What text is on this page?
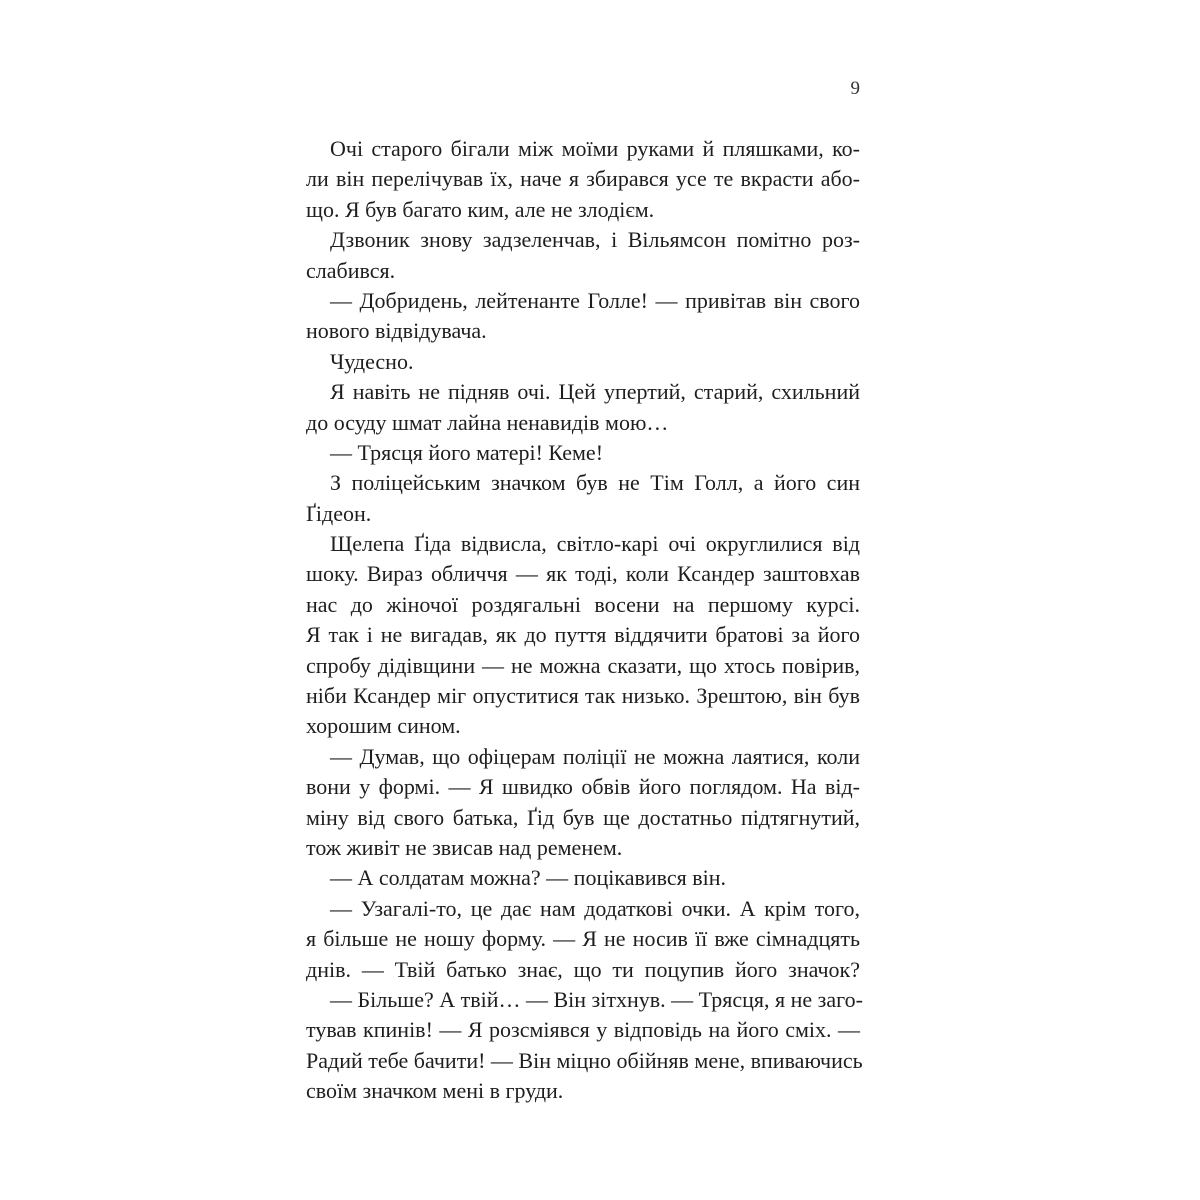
9
Очі старого бігали між моїми руками й пляшками, ко-
ли він перелічував їх, наче я збирався усе те вкрасти або-
що. Я був багато ким, але не злодієм.
Дзвоник знову задзеленчав, і Вільямсон помітно роз-
слабився.
— Добридень, лейтенанте Голле! — привітав він свого
нового відвідувача.
Чудесно.
Я навіть не підняв очі. Цей упертий, старий, схильний
до осуду шмат лайна ненавидів мою…
— Трясця його матері! Кеме!
З поліцейським значком був не Тім Голл, а його син
Ґідеон.
Щелепа Ґіда відвисла, світло-карі очі округлилися від
шоку. Вираз обличчя — як тоді, коли Ксандер заштовхав
нас до жіночої роздягальні восени на першому курсі.
Я так і не вигадав, як до пуття віддячити братові за його
спробу дідівщини — не можна сказати, що хтось повірив,
ніби Ксандер міг опуститися так низько. Зрештою, він був
хорошим сином.
— Думав, що офіцерам поліції не можна лаятися, коли
вони у формі. — Я швидко обвів його поглядом. На від-
міну від свого батька, Ґід був ще достатньо підтягнутий,
тож живіт не звисав над ременем.
— А солдатам можна? — поцікавився він.
— Узагалі-то, це дає нам додаткові очки. А крім того,
я більше не ношу форму. — Я не носив її вже сімнадцять
днів. — Твій батько знає, що ти поцупив його значок?
— Більше? А твій… — Він зітхнув. — Трясця, я не заго-
тував кпинів! — Я розсміявся у відповідь на його сміх. —
Радий тебе бачити! — Він міцно обійняв мене, впиваючись
своїм значком мені в груди.
